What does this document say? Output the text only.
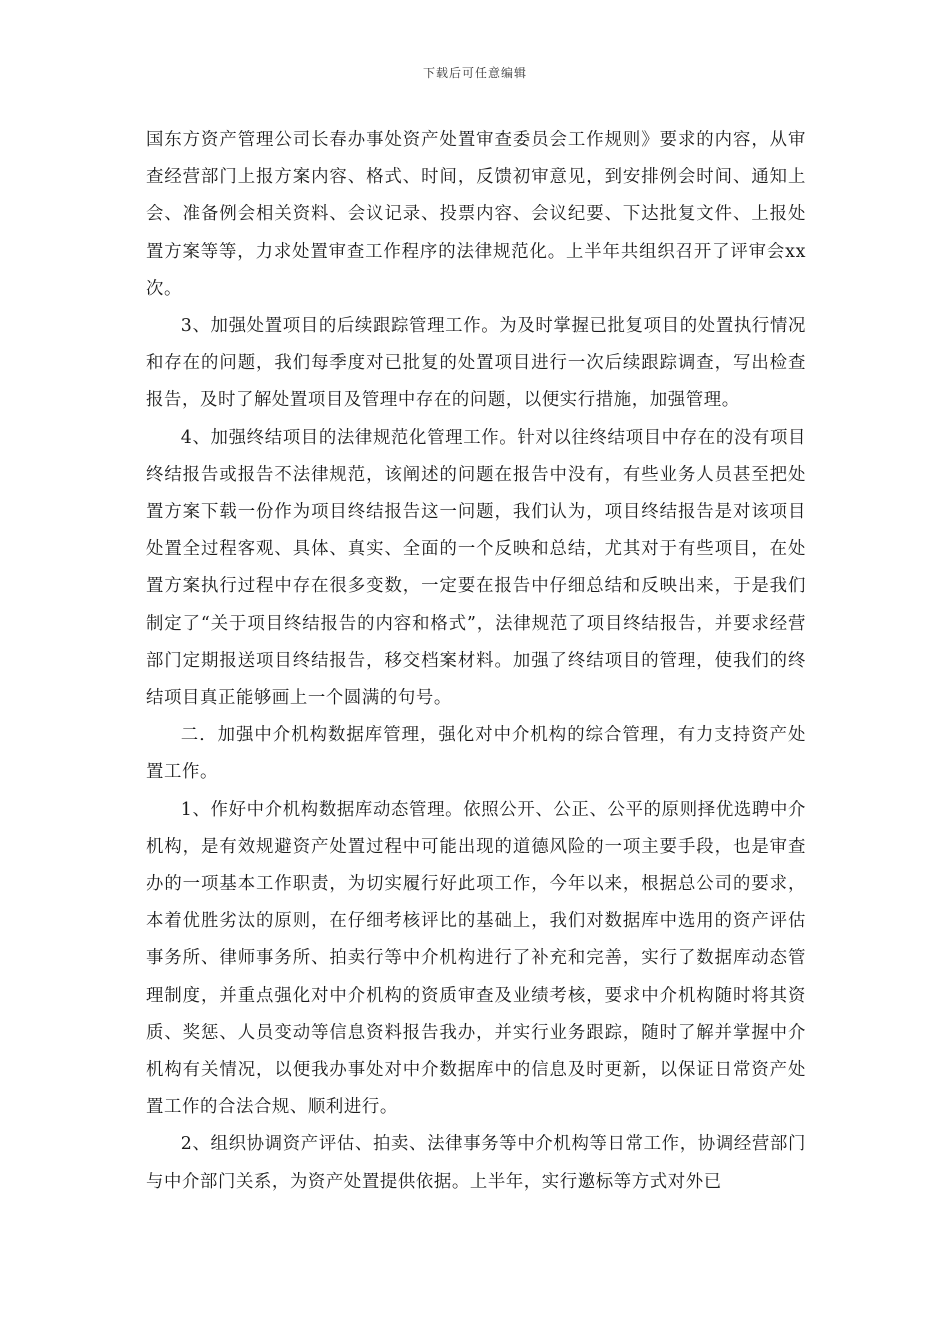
下载后可任意编辑

国东方资产管理公司长春办事处资产处置审查委员会工作规则》要求的内容，从审查经营部门上报方案内容、格式、时间，反馈初审意见，到安排例会时间、通知上会、准备例会相关资料、会议记录、投票内容、会议纪要、下达批复文件、上报处置方案等等，力求处置审查工作程序的法律规范化。上半年共组织召开了评审会xx次。

3、加强处置项目的后续跟踪管理工作。为及时掌握已批复项目的处置执行情况和存在的问题，我们每季度对已批复的处置项目进行一次后续跟踪调查，写出检查报告，及时了解处置项目及管理中存在的问题，以便实行措施，加强管理。

4、加强终结项目的法律规范化管理工作。针对以往终结项目中存在的没有项目终结报告或报告不法律规范，该阐述的问题在报告中没有，有些业务人员甚至把处置方案下载一份作为项目终结报告这一问题，我们认为，项目终结报告是对该项目处置全过程客观、具体、真实、全面的一个反映和总结，尤其对于有些项目，在处置方案执行过程中存在很多变数，一定要在报告中仔细总结和反映出来，于是我们制定了“关于项目终结报告的内容和格式”，法律规范了项目终结报告，并要求经营部门定期报送项目终结报告，移交档案材料。加强了终结项目的管理，使我们的终结项目真正能够画上一个圆满的句号。

二．加强中介机构数据库管理，强化对中介机构的综合管理，有力支持资产处置工作。

1、作好中介机构数据库动态管理。依照公开、公正、公平的原则择优选聘中介机构，是有效规避资产处置过程中可能出现的道德风险的一项主要手段，也是审查办的一项基本工作职责，为切实履行好此项工作，今年以来，根据总公司的要求，本着优胜劣汰的原则，在仔细考核评比的基础上，我们对数据库中选用的资产评估事务所、律师事务所、拍卖行等中介机构进行了补充和完善，实行了数据库动态管理制度，并重点强化对中介机构的资质审查及业绩考核，要求中介机构随时将其资质、奖惩、人员变动等信息资料报告我办，并实行业务跟踪，随时了解并掌握中介机构有关情况，以便我办事处对中介数据库中的信息及时更新，以保证日常资产处置工作的合法合规、顺利进行。

2、组织协调资产评估、拍卖、法律事务等中介机构等日常工作，协调经营部门与中介部门关系，为资产处置提供依据。上半年，实行邀标等方式对外已
